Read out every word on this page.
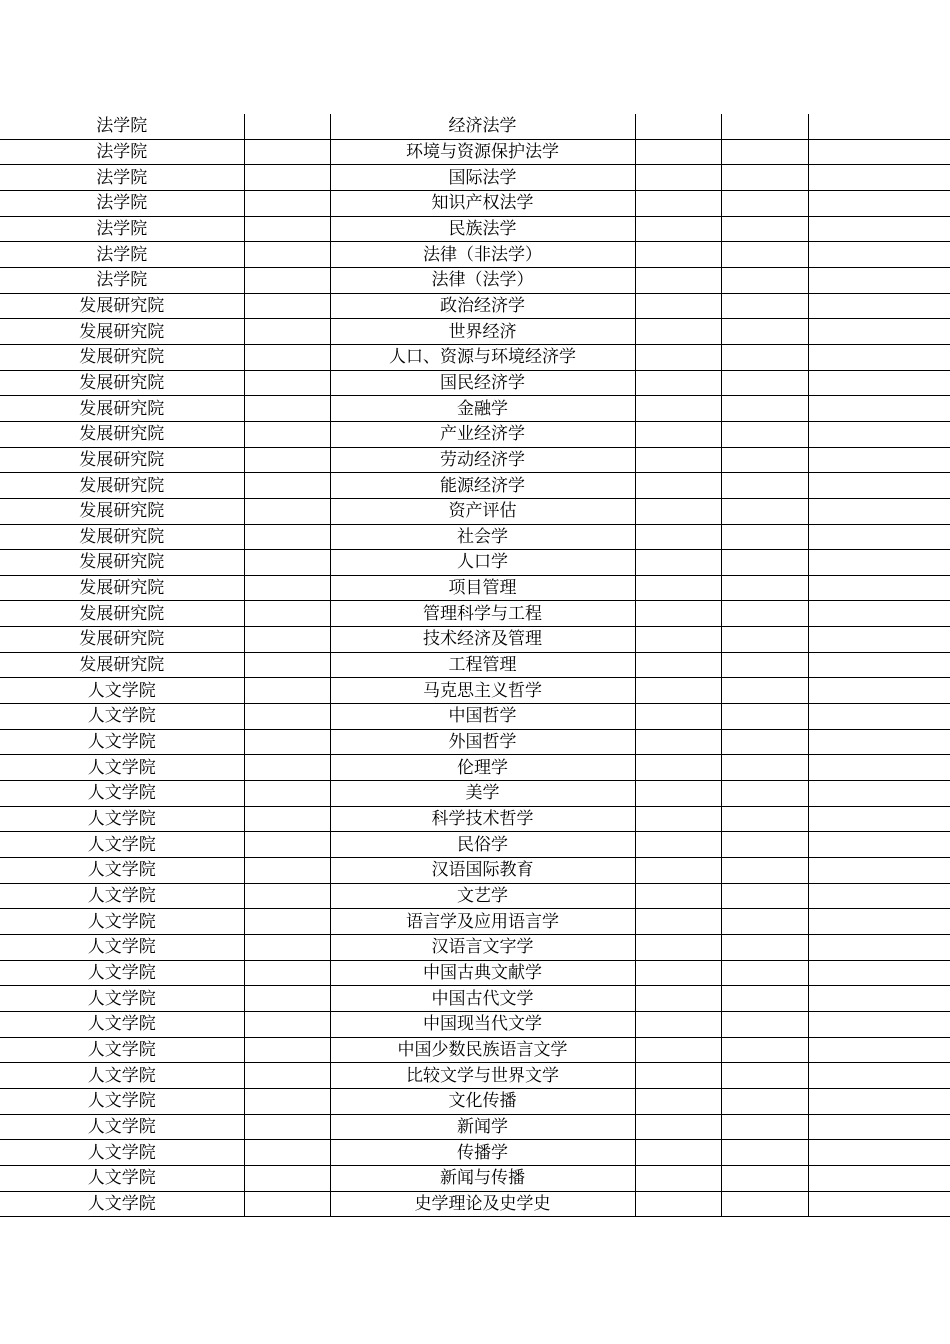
法学院		经济法学			
法学院		环境与资源保护法学			
法学院		国际法学			
法学院		知识产权法学			
法学院		民族法学			
法学院		法律（非法学）			
法学院		法律（法学）			
发展研究院		政治经济学			
发展研究院		世界经济			
发展研究院		人口、资源与环境经济学			
发展研究院		国民经济学			
发展研究院		金融学			
发展研究院		产业经济学			
发展研究院		劳动经济学			
发展研究院		能源经济学			
发展研究院		资产评估			
发展研究院		社会学			
发展研究院		人口学			
发展研究院		项目管理			
发展研究院		管理科学与工程			
发展研究院		技术经济及管理			
发展研究院		工程管理			
人文学院		马克思主义哲学			
人文学院		中国哲学			
人文学院		外国哲学			
人文学院		伦理学			
人文学院		美学			
人文学院		科学技术哲学			
人文学院		民俗学			
人文学院		汉语国际教育			
人文学院		文艺学			
人文学院		语言学及应用语言学			
人文学院		汉语言文字学			
人文学院		中国古典文献学			
人文学院		中国古代文学			
人文学院		中国现当代文学			
人文学院		中国少数民族语言文学			
人文学院		比较文学与世界文学			
人文学院		文化传播			
人文学院		新闻学			
人文学院		传播学			
人文学院		新闻与传播			
人文学院		史学理论及史学史			
